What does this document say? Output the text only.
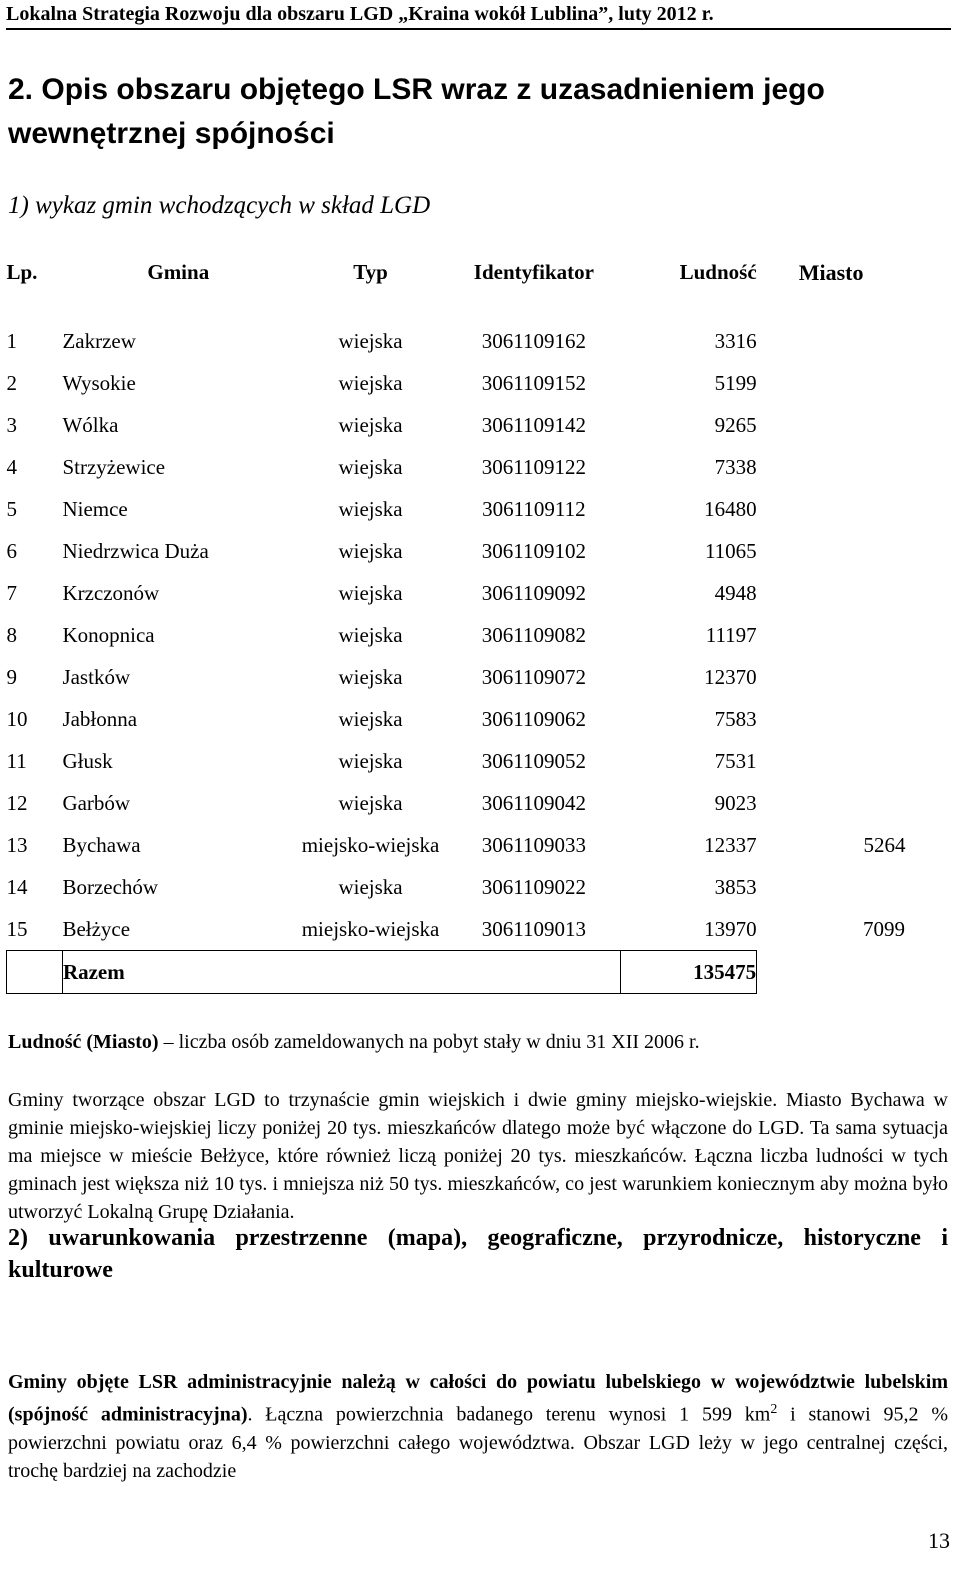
Lokalna Strategia Rozwoju dla obszaru LGD „Kraina wokół Lublina”, luty 2012 r.
2. Opis obszaru objętego LSR wraz z uzasadnieniem jego wewnętrznej spójności
1) wykaz gmin wchodzących w skład LGD
Lp.	Gmina	Typ	Identyfikator	Ludność	Miasto
1	Zakrzew	wiejska	3061109162	3316	
2	Wysokie	wiejska	3061109152	5199	
3	Wólka	wiejska	3061109142	9265	
4	Strzyżewice	wiejska	3061109122	7338	
5	Niemce	wiejska	3061109112	16480	
6	Niedrzwica Duża	wiejska	3061109102	11065	
7	Krzczonów	wiejska	3061109092	4948	
8	Konopnica	wiejska	3061109082	11197	
9	Jastków	wiejska	3061109072	12370	
10	Jabłonna	wiejska	3061109062	7583	
11	Głusk	wiejska	3061109052	7531	
12	Garbów	wiejska	3061109042	9023	
13	Bychawa	miejsko-wiejska	3061109033	12337	5264
14	Borzechów	wiejska	3061109022	3853	
15	Bełżyce	miejsko-wiejska	3061109013	13970	7099
	Razem			135475	
Ludność (Miasto) – liczba osób zameldowanych na pobyt stały w dniu 31 XII 2006 r.
Gminy tworzące obszar LGD to trzynaście gmin wiejskich i dwie gminy miejsko-wiejskie. Miasto Bychawa w gminie miejsko-wiejskiej liczy poniżej 20 tys. mieszkańców dlatego może być włączone do LGD. Ta sama sytuacja ma miejsce w mieście Bełżyce, które również liczą poniżej 20 tys. mieszkańców. Łączna liczba ludności w tych gminach jest większa niż 10 tys. i mniejsza niż 50 tys. mieszkańców, co jest warunkiem koniecznym aby można było utworzyć Lokalną Grupę Działania.
2) uwarunkowania przestrzenne (mapa), geograficzne, przyrodnicze, historyczne i kulturowe
Gminy objęte LSR administracyjnie należą w całości do powiatu lubelskiego w województwie lubelskim (spójność administracyjna). Łączna powierzchnia badanego terenu wynosi 1 599 $km^2$ i stanowi 95,2 % powierzchni powiatu oraz 6,4 % powierzchni całego województwa. Obszar LGD leży w jego centralnej części, trochę bardziej na zachodzie
13
